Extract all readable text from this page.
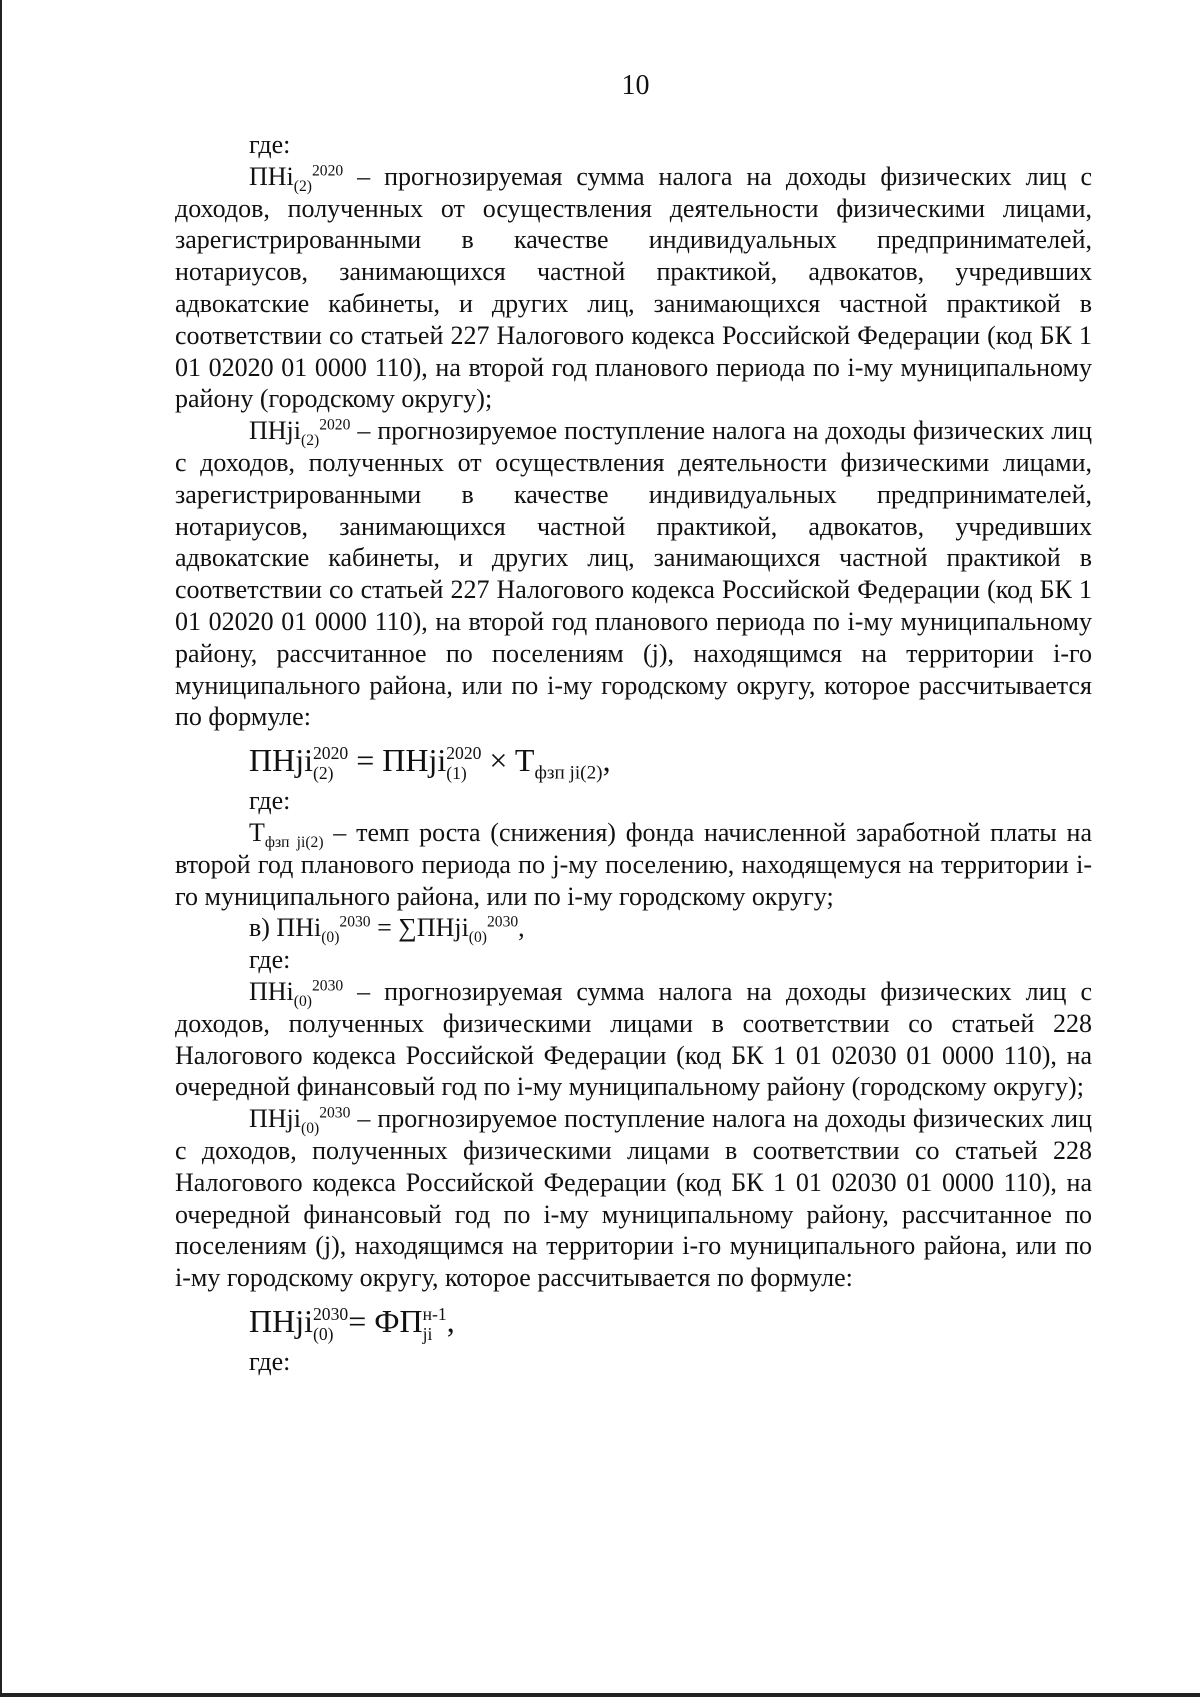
10
где:

ПНi$_{(2)}^{2020}$ – прогнозируемая сумма налога на доходы физических лиц с доходов, полученных от осуществления деятельности физическими лицами, зарегистрированными в качестве индивидуальных предпринимателей, нотариусов, занимающихся частной практикой, адвокатов, учредивших адвокатские кабинеты, и других лиц, занимающихся частной практикой в соответствии со статьей 227 Налогового кодекса Российской Федерации (код БК 1 01 02020 01 0000 110), на второй год планового периода по i-му муниципальному району (городскому округу);

ПНji$_{(2)}^{2020}$ – прогнозируемое поступление налога на доходы физических лиц с доходов, полученных от осуществления деятельности физическими лицами, зарегистрированными в качестве индивидуальных предпринимателей, нотариусов, занимающихся частной практикой, адвокатов, учредивших адвокатские кабинеты, и других лиц, занимающихся частной практикой в соответствии со статьей 227 Налогового кодекса Российской Федерации (код БК 1 01 02020 01 0000 110), на второй год планового периода по i-му муниципальному району, рассчитанное по поселениям (j), находящимся на территории i-го муниципального района, или по i-му городскому округу, которое рассчитывается по формуле:

ПНji 2020
(2) = ПНji 2020
$(1) \times T_{фзп ji(2)}$,
где:

$T_{фзп ji(2)}$ – темп роста (снижения) фонда начисленной заработной платы на второй год планового периода по j-му поселению, находящемуся на территории i-го муниципального района, или по i-му городскому округу;

в) ПНi$_{(0)}^{2030}$ = ∑ПНji$_{(0)}^{2030}$,
где:

ПНi$_{(0)}^{2030}$ – прогнозируемая сумма налога на доходы физических лиц с доходов, полученных физическими лицами в соответствии со статьей 228 Налогового кодекса Российской Федерации (код БК 1 01 02030 01 0000 110), на очередной финансовый год по i-му муниципальному району (городскому округу);

ПНji$_{(0)}^{2030}$ – прогнозируемое поступление налога на доходы физических лиц с доходов, полученных физическими лицами в соответствии со статьей 228 Налогового кодекса Российской Федерации (код БК 1 01 02030 01 0000 110), на очередной финансовый год по i-му муниципальному району, рассчитанное по поселениям (j), находящимся на территории i-го муниципального района, или по i-му городскому округу, которое рассчитывается по формуле:

ПНji 2030
(0) = ФП н-1
ji ,
где:
